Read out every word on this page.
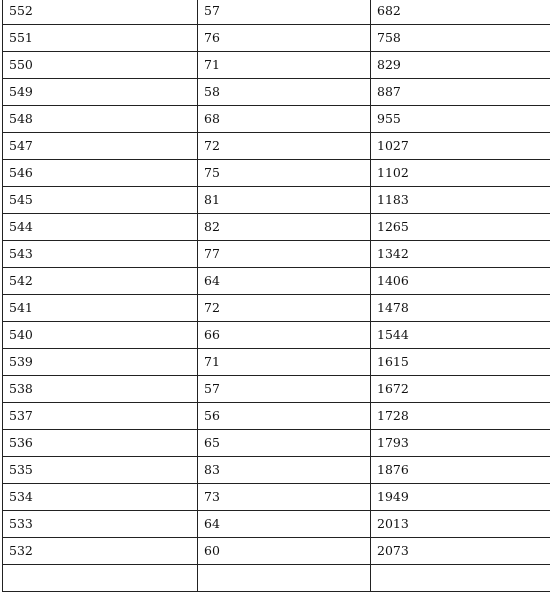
552	57	682
551	76	758
550	71	829
549	58	887
548	68	955
547	72	1027
546	75	1102
545	81	1183
544	82	1265
543	77	1342
542	64	1406
541	72	1478
540	66	1544
539	71	1615
538	57	1672
537	56	1728
536	65	1793
535	83	1876
534	73	1949
533	64	2013
532	60	2073
